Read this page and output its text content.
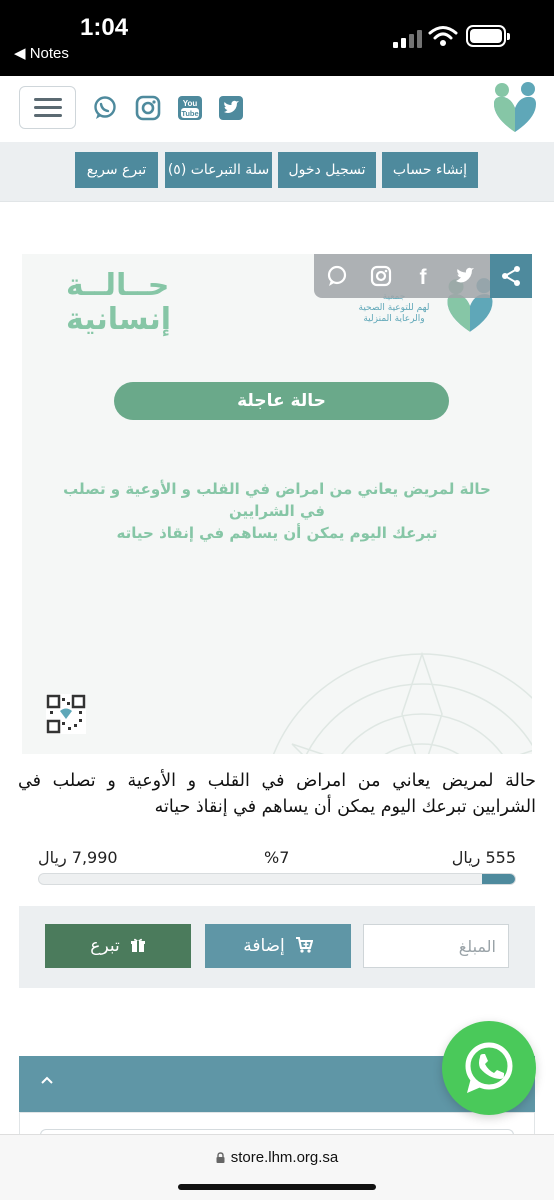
1:04
◀ Notes
You
Tube
إنشاء حساب
تسجيل دخول
سلة التبرعات (٥)
تبرع سريع
حــالــة
إنسانية	لهم للتوعية الصحية
والرعاية المنزلية
حالة عاجلة
حالة لمريض يعاني من امراض في القلب و الأوعية و تصلب
في الشرايين
تبرعك اليوم يمكن أن يساهم في إنقاذ حياته
f

حالة لمريض يعاني من امراض في القلب و الأوعية و تصلب في الشرايين تبرعك اليوم يمكن أن يساهم في إنقاذ حياته

555 ريال
%7
7,990 ريال
تبرع	إضافة
المبلغ
store.lhm.org.sa
